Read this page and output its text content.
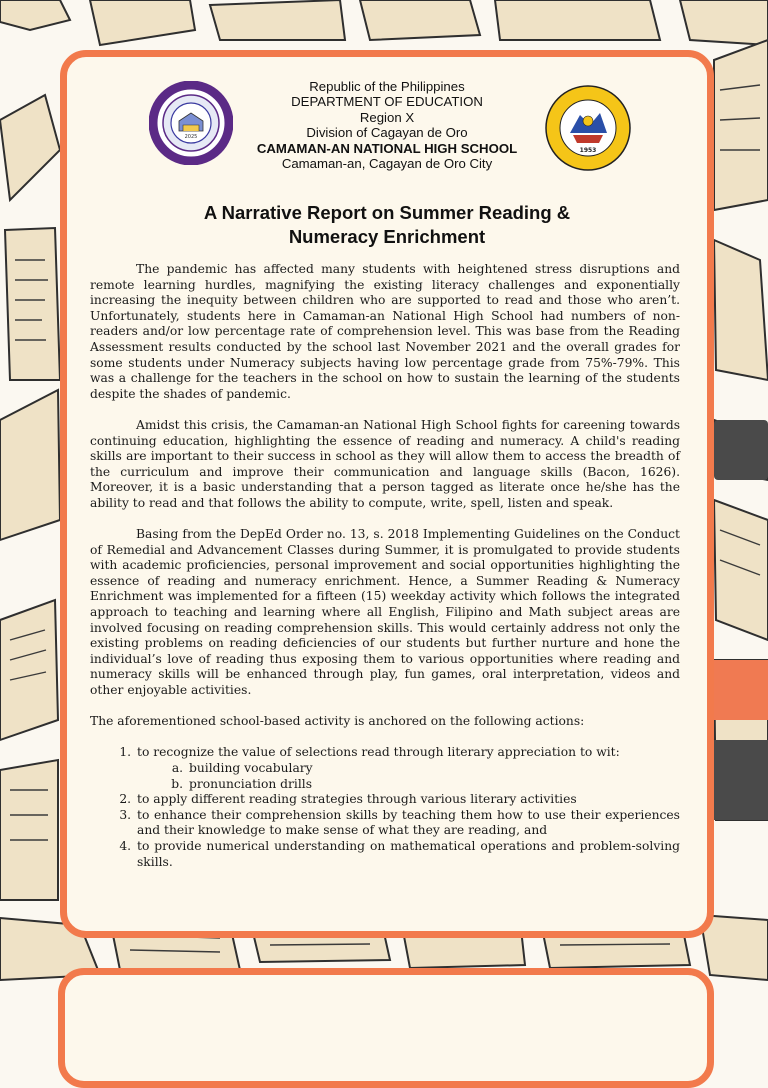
2025
1953
Republic of the Philippines
DEPARTMENT OF EDUCATION
Region X
Division of Cagayan de Oro
CAMAMAN-AN NATIONAL HIGH SCHOOL
Camaman-an, Cagayan de Oro City
A Narrative Report on Summer Reading &
Numeracy Enrichment

The pandemic has affected many students with heightened stress disruptions and remote learning hurdles, magnifying the existing literacy challenges and exponentially increasing the inequity between children who are supported to read and those who aren’t. Unfortunately, students here in Camaman-an National High School had numbers of non-readers and/or low percentage rate of comprehension level. This was base from the Reading Assessment results conducted by the school last November 2021 and the overall grades for some students under Numeracy subjects having low percentage grade from 75%-79%. This was a challenge for the teachers in the school on how to sustain the learning of the students despite the shades of pandemic.

Amidst this crisis, the Camaman-an National High School fights for careening towards continuing education, highlighting the essence of reading and numeracy. A child's reading skills are important to their success in school as they will allow them to access the breadth of the curriculum and improve their communication and language skills (Bacon, 1626). Moreover, it is a basic understanding that a person tagged as literate once he/she has the ability to read and that follows the ability to compute, write, spell, listen and speak.

Basing from the DepEd Order no. 13, s. 2018 Implementing Guidelines on the Conduct of Remedial and Advancement Classes during Summer, it is promulgated to provide students with academic proficiencies, personal improvement and social opportunities highlighting the essence of reading and numeracy enrichment. Hence, a Summer Reading & Numeracy Enrichment was implemented for a fifteen (15) weekday activity which follows the integrated approach to teaching and learning where all English, Filipino and Math subject areas are involved focusing on reading comprehension skills. This would certainly address not only the existing problems on reading deficiencies of our students but further nurture and hone the individual’s love of reading thus exposing them to various opportunities where reading and numeracy skills will be enhanced through play, fun games, oral interpretation, videos and other enjoyable activities.

The aforementioned school-based activity is anchored on the following actions:

1. to recognize the value of selections read through literary appreciation to wit:
a. building vocabulary
b. pronunciation drills
2. to apply different reading strategies through various literary activities
3. to enhance their comprehension skills by teaching them how to use their experiences and their knowledge to make sense of what they are reading, and
4. to provide numerical understanding on mathematical operations and problem-solving skills.
